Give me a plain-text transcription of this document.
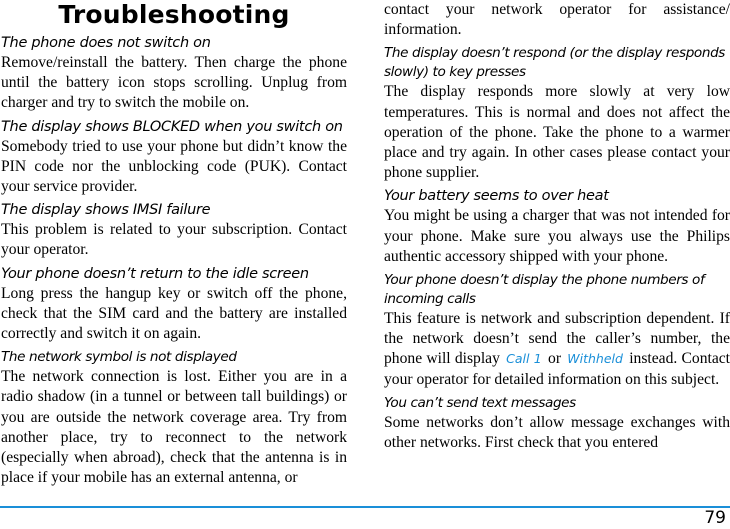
Troubleshooting
The phone does not switch on

Remove/reinstall the battery. Then charge the phone until the battery icon stops scrolling. Unplug from charger and try to switch the mobile on.

The display shows BLOCKED when you switch on

Somebody tried to use your phone but didn’t know the PIN code nor the unblocking code (PUK). Contact your service provider.

The display shows IMSI failure

This problem is related to your subscription. Contact your operator.

Your phone doesn’t return to the idle screen

Long press the hangup key or switch off the phone, check that the SIM card and the battery are installed correctly and switch it on again.

The network symbol is not displayed

The network connection is lost. Either you are in a radio shadow (in a tunnel or between tall buildings) or you are outside the network coverage area. Try from another place, try to reconnect to the network (especially when abroad), check that the antenna is in place if your mobile has an external antenna, or

contact your network operator for assistance/ information.

The display doesn’t respond (or the display responds slowly) to key presses

The display responds more slowly at very low temperatures. This is normal and does not affect the operation of the phone. Take the phone to a warmer place and try again. In other cases please contact your phone supplier.

Your battery seems to over heat

You might be using a charger that was not intended for your phone. Make sure you always use the Philips authentic accessory shipped with your phone.

Your phone doesn’t display the phone numbers of incoming calls

This feature is network and subscription dependent. If the network doesn’t send the caller’s number, the phone will display Call 1 or Withheld instead. Contact your operator for detailed information on this subject.

You can’t send text messages

Some networks don’t allow message exchanges with other networks. First check that you entered

79
